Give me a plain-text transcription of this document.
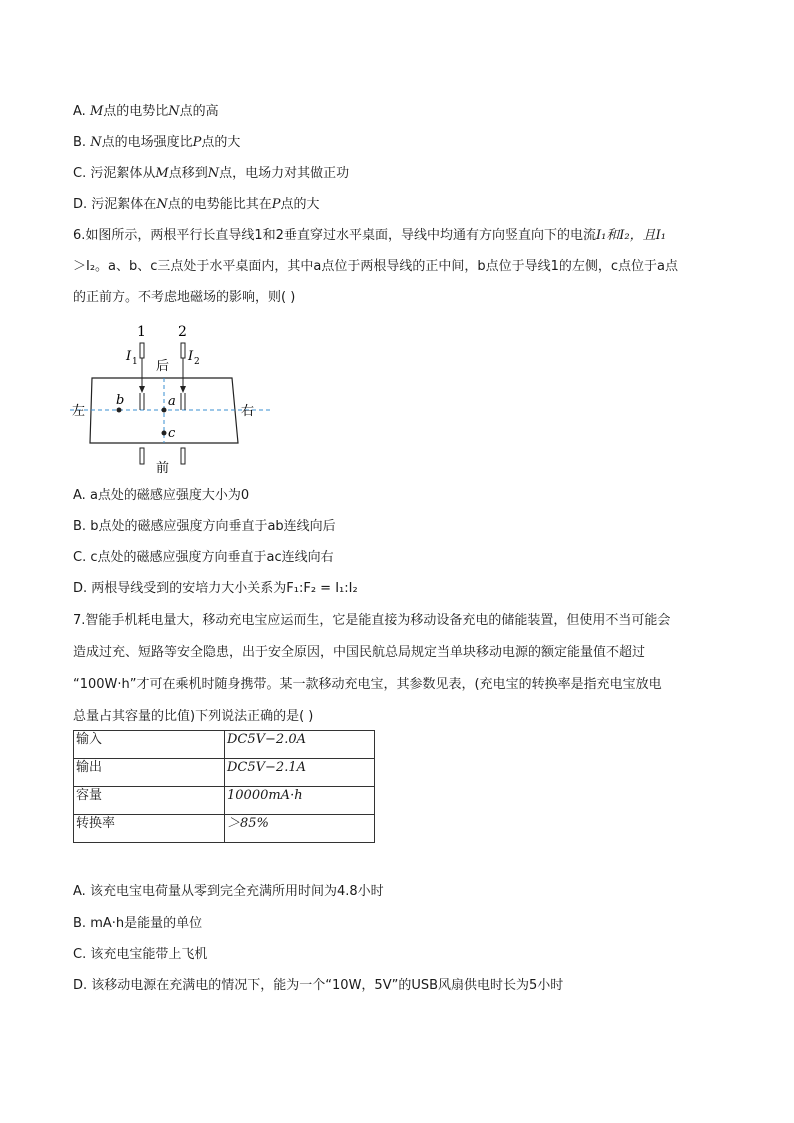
A. M点的电势比N点的高
B. N点的电场强度比P点的大
C. 污泥絮体从M点移到N点，电场力对其做正功
D. 污泥絮体在N点的电势能比其在P点的大
6.如图所示，两根平行长直导线1和2垂直穿过水平桌面，导线中均通有方向竖直向下的电流I₁和I₂，且I₁
＞I₂。a、b、c三点处于水平桌面内，其中a点位于两根导线的正中间，b点位于导线1的左侧，c点位于a点
的正前方。不考虑地磁场的影响，则( )
1 2
I 1	I 2
后
前
左	右
b	a
c
A. a点处的磁感应强度大小为0
B. b点处的磁感应强度方向垂直于ab连线向后
C. c点处的磁感应强度方向垂直于ac连线向右
D. 两根导线受到的安培力大小关系为F₁:F₂ = I₁:I₂
7.智能手机耗电量大，移动充电宝应运而生，它是能直接为移动设备充电的储能装置，但使用不当可能会
造成过充、短路等安全隐患，出于安全原因，中国民航总局规定当单块移动电源的额定能量值不超过
“100W·h”才可在乘机时随身携带。某一款移动充电宝，其参数见表，(充电宝的转换率是指充电宝放电
总量占其容量的比值)下列说法正确的是( )
输入	DC5V−2.0A
输出	DC5V−2.1A
容量	10000mA·h
转换率	＞85%
A. 该充电宝电荷量从零到完全充满所用时间为4.8小时
B. mA·h是能量的单位
C. 该充电宝能带上飞机
D. 该移动电源在充满电的情况下，能为一个“10W，5V”的USB风扇供电时长为5小时
